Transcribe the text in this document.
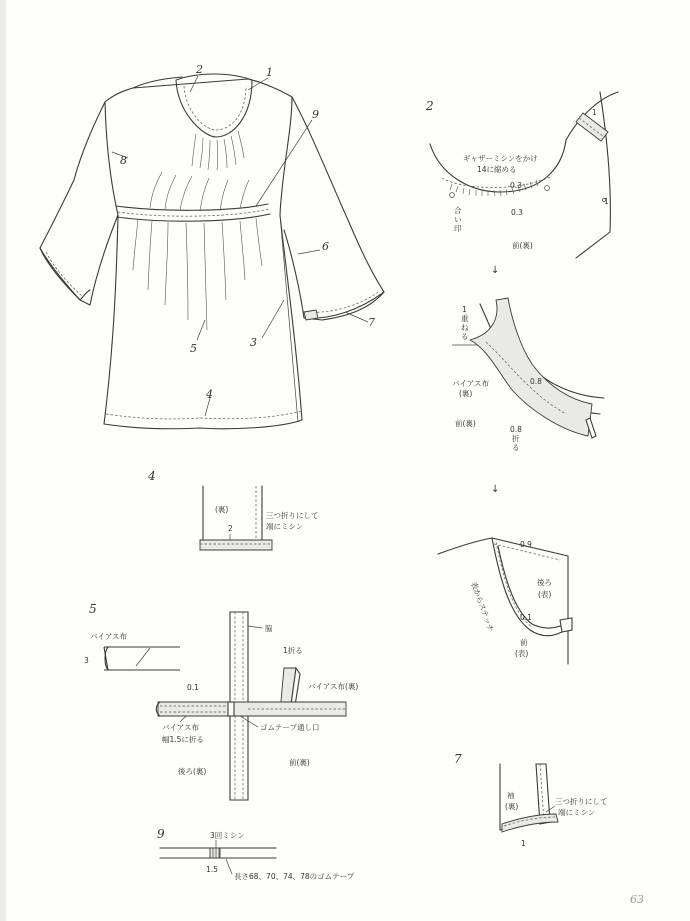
1
2
3
4
5
6
7
8
9
2
ギャザーミシンをかけ
14に縮める
0.3
0.3
合
い
印
前(裏)
1
1
↓
1
重
ね
る
バイアス布
(裏)
0.8
前(裏)
0.8
折
る
↓
0.9
0.1
後ろ
(表)
前
(表)
表からステッチ
4
(裏)
2
三つ折りにして
端にミシン
5
3
バイアス布
脇
1折る
0.1	バイアス布(裏)
バイアス布
幅1.5に折る
ゴムテープ通し口
後ろ(裏)
前(裏)	7
袖
(裏)
三つ折りにして
端にミシン
1
9	3回ミシン
1.5
長さ68、70、74、78のゴムテープ
63
